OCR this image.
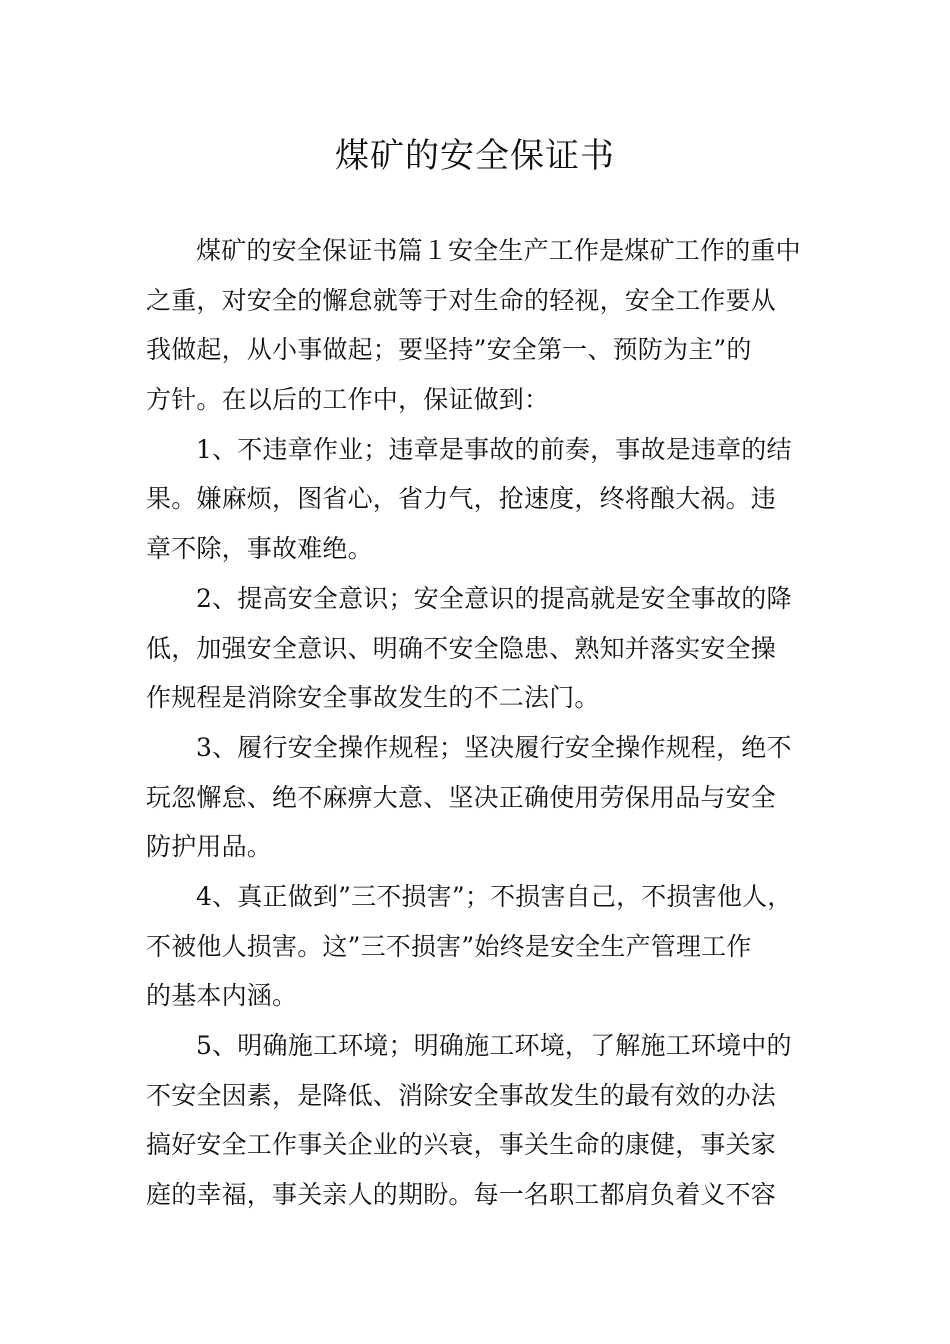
煤矿的安全保证书
煤矿的安全保证书篇１安全生产工作是煤矿工作的重中
之重，对安全的懈怠就等于对生命的轻视，安全工作要从
我做起，从小事做起；要坚持”安全第一、预防为主”的
方针。在以后的工作中，保证做到：
1、不违章作业；违章是事故的前奏，事故是违章的结
果。嫌麻烦，图省心，省力气，抢速度，终将酿大祸。违
章不除，事故难绝。
2、提高安全意识；安全意识的提高就是安全事故的降
低，加强安全意识、明确不安全隐患、熟知并落实安全操
作规程是消除安全事故发生的不二法门。
3、履行安全操作规程；坚决履行安全操作规程，绝不
玩忽懈怠、绝不麻痹大意、坚决正确使用劳保用品与安全
防护用品。
4、真正做到”三不损害”；不损害自己，不损害他人，
不被他人损害。这”三不损害”始终是安全生产管理工作
的基本内涵。
5、明确施工环境；明确施工环境，了解施工环境中的
不安全因素，是降低、消除安全事故发生的最有效的办法
搞好安全工作事关企业的兴衰，事关生命的康健，事关家
庭的幸福，事关亲人的期盼。每一名职工都肩负着义不容
